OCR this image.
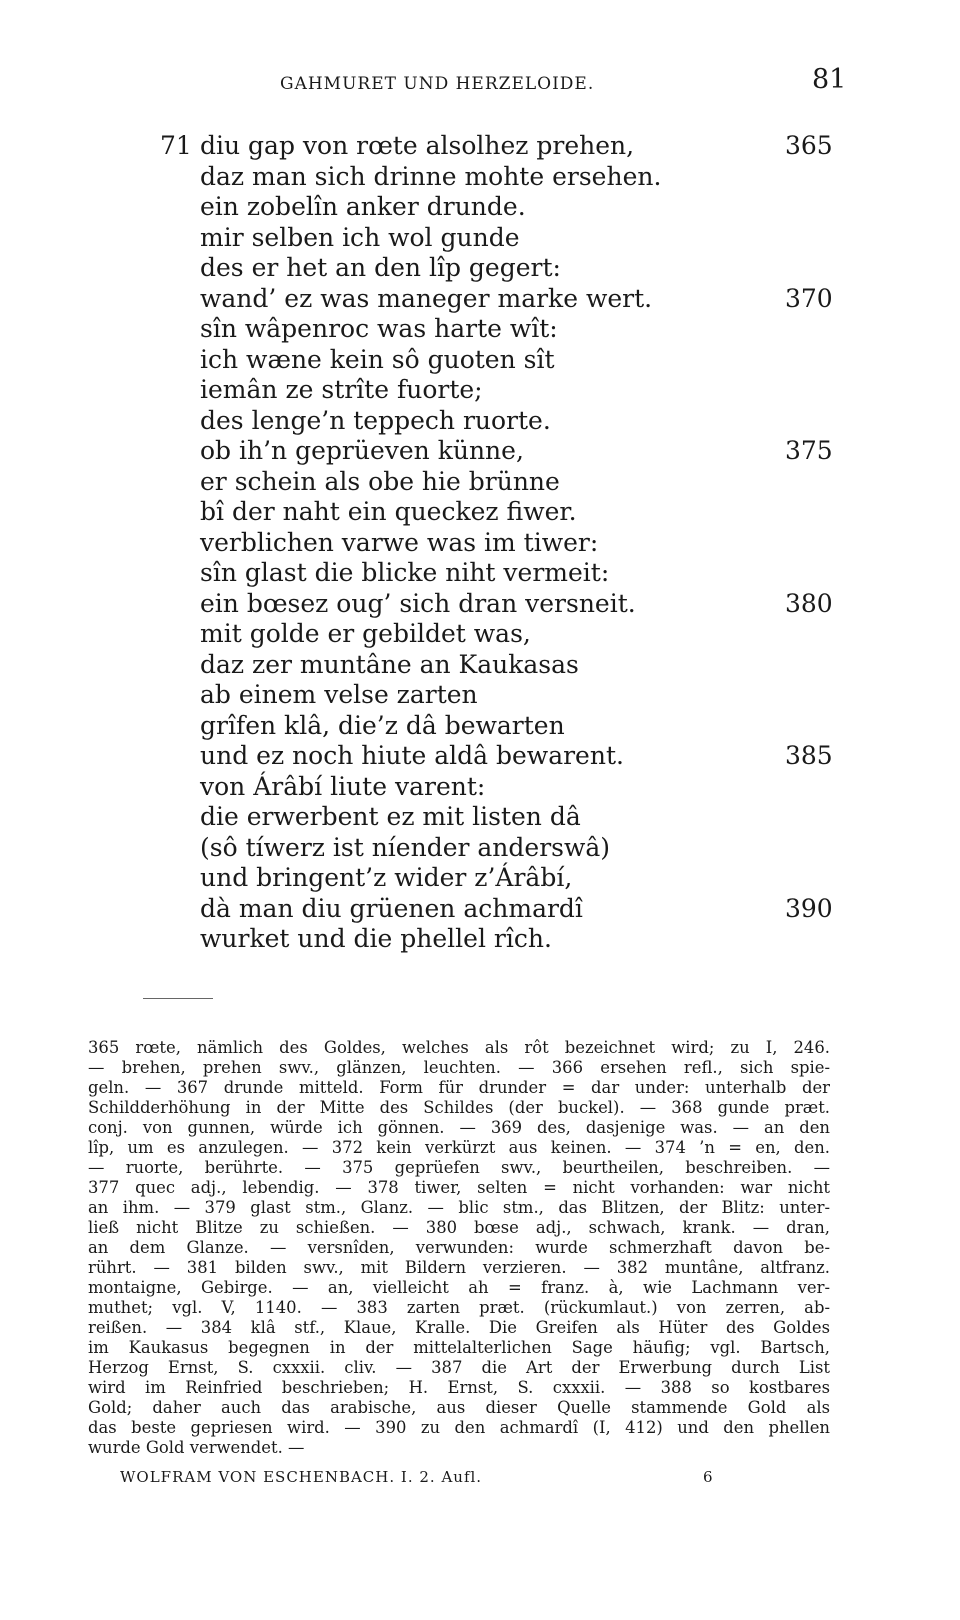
GAHMURET UND HERZELOIDE.	81
71 diu gap von rœte alsolhez prehen,	365
daz man sich drinne mohte ersehen.
ein zobelîn anker drunde.
mir selben ich wol gunde
des er het an den lîp gegert:
wand’ ez was maneger marke wert.	370
sîn wâpenroc was harte wît:
ich wæne kein sô guoten sît
iemân ze strîte fuorte;
des lenge’n teppech ruorte.
ob ih’n geprüeven künne,	375
er schein als obe hie brünne
bî der naht ein queckez fiwer.
verblichen varwe was im tiwer:
sîn glast die blicke niht vermeit:
ein bœsez oug’ sich dran versneit.	380
mit golde er gebildet was,
daz zer muntâne an Kaukasas
ab einem velse zarten
grîfen klâ, die’z dâ bewarten
und ez noch hiute aldâ bewarent.	385
von Árâbí liute varent:
die erwerbent ez mit listen dâ
(sô tíwerz ist níender anderswâ)
und bringent’z wider z’Árâbí,
dà man diu grüenen achmardî	390
wurket und die phellel rîch.
365 rœte, nämlich des Goldes, welches als rôt bezeichnet wird; zu I, 246.
— brehen, prehen swv., glänzen, leuchten. — 366 ersehen refl., sich spie-
geln. — 367 drunde mitteld. Form für drunder = dar under: unterhalb der
Schildderhöhung in der Mitte des Schildes (der buckel). — 368 gunde præt.
conj. von gunnen, würde ich gönnen. — 369 des, dasjenige was. — an den
lîp, um es anzulegen. — 372 kein verkürzt aus keinen. — 374 ’n = en, den.
— ruorte, berührte. — 375 geprüefen swv., beurtheilen, beschreiben. —
377 quec adj., lebendig. — 378 tiwer, selten = nicht vorhanden: war nicht
an ihm. — 379 glast stm., Glanz. — blic stm., das Blitzen, der Blitz: unter-
ließ nicht Blitze zu schießen. — 380 bœse adj., schwach, krank. — dran,
an dem Glanze. — versnîden, verwunden: wurde schmerzhaft davon be-
rührt. — 381 bilden swv., mit Bildern verzieren. — 382 muntâne, altfranz.
montaigne, Gebirge. — an, vielleicht ah = franz. à, wie Lachmann ver-
muthet; vgl. V, 1140. — 383 zarten præt. (rückumlaut.) von zerren, ab-
reißen. — 384 klâ stf., Klaue, Kralle. Die Greifen als Hüter des Goldes
im Kaukasus begegnen in der mittelalterlichen Sage häufig; vgl. Bartsch,
Herzog Ernst, S. cxxxii. cliv. — 387 die Art der Erwerbung durch List
wird im Reinfried beschrieben; H. Ernst, S. cxxxii. — 388 so kostbares
Gold; daher auch das arabische, aus dieser Quelle stammende Gold als
das beste gepriesen wird. — 390 zu den achmardî (I, 412) und den phellen
wurde Gold verwendet. —
WOLFRAM VON ESCHENBACH. I. 2. Aufl.	6
